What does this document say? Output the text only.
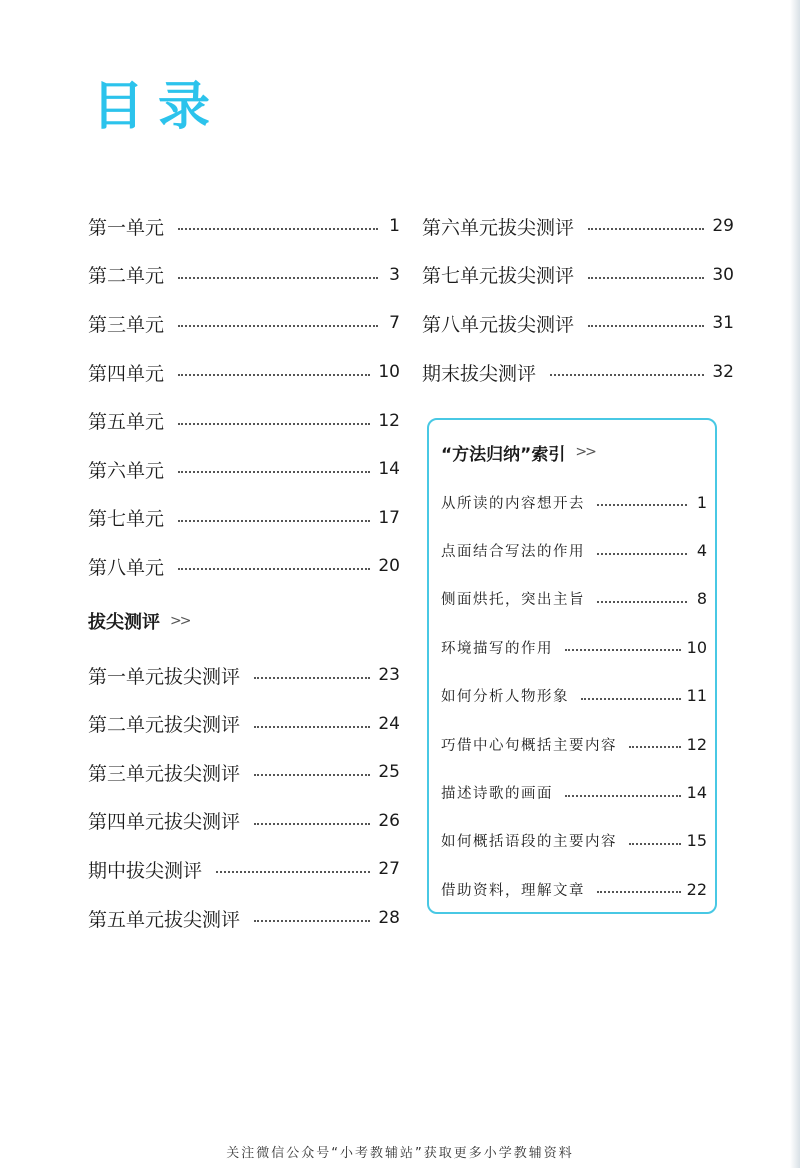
目录
第一单元	1
第二单元	3
第三单元	7
第四单元	10
第五单元	12
第六单元	14
第七单元	17
第八单元	20
拔尖测评 >>
第一单元拔尖测评	23
第二单元拔尖测评	24
第三单元拔尖测评	25
第四单元拔尖测评	26
期中拔尖测评	27
第五单元拔尖测评	28
第六单元拔尖测评	29
第七单元拔尖测评	30
第八单元拔尖测评	31
期末拔尖测评	32
“方法归纳”索引 >>
从所读的内容想开去	1
点面结合写法的作用	4
侧面烘托，突出主旨	8
环境描写的作用	10
如何分析人物形象	11
巧借中心句概括主要内容	12
描述诗歌的画面	14
如何概括语段的主要内容	15
借助资料，理解文章	22
关注微信公众号“小考教辅站”获取更多小学教辅资料
